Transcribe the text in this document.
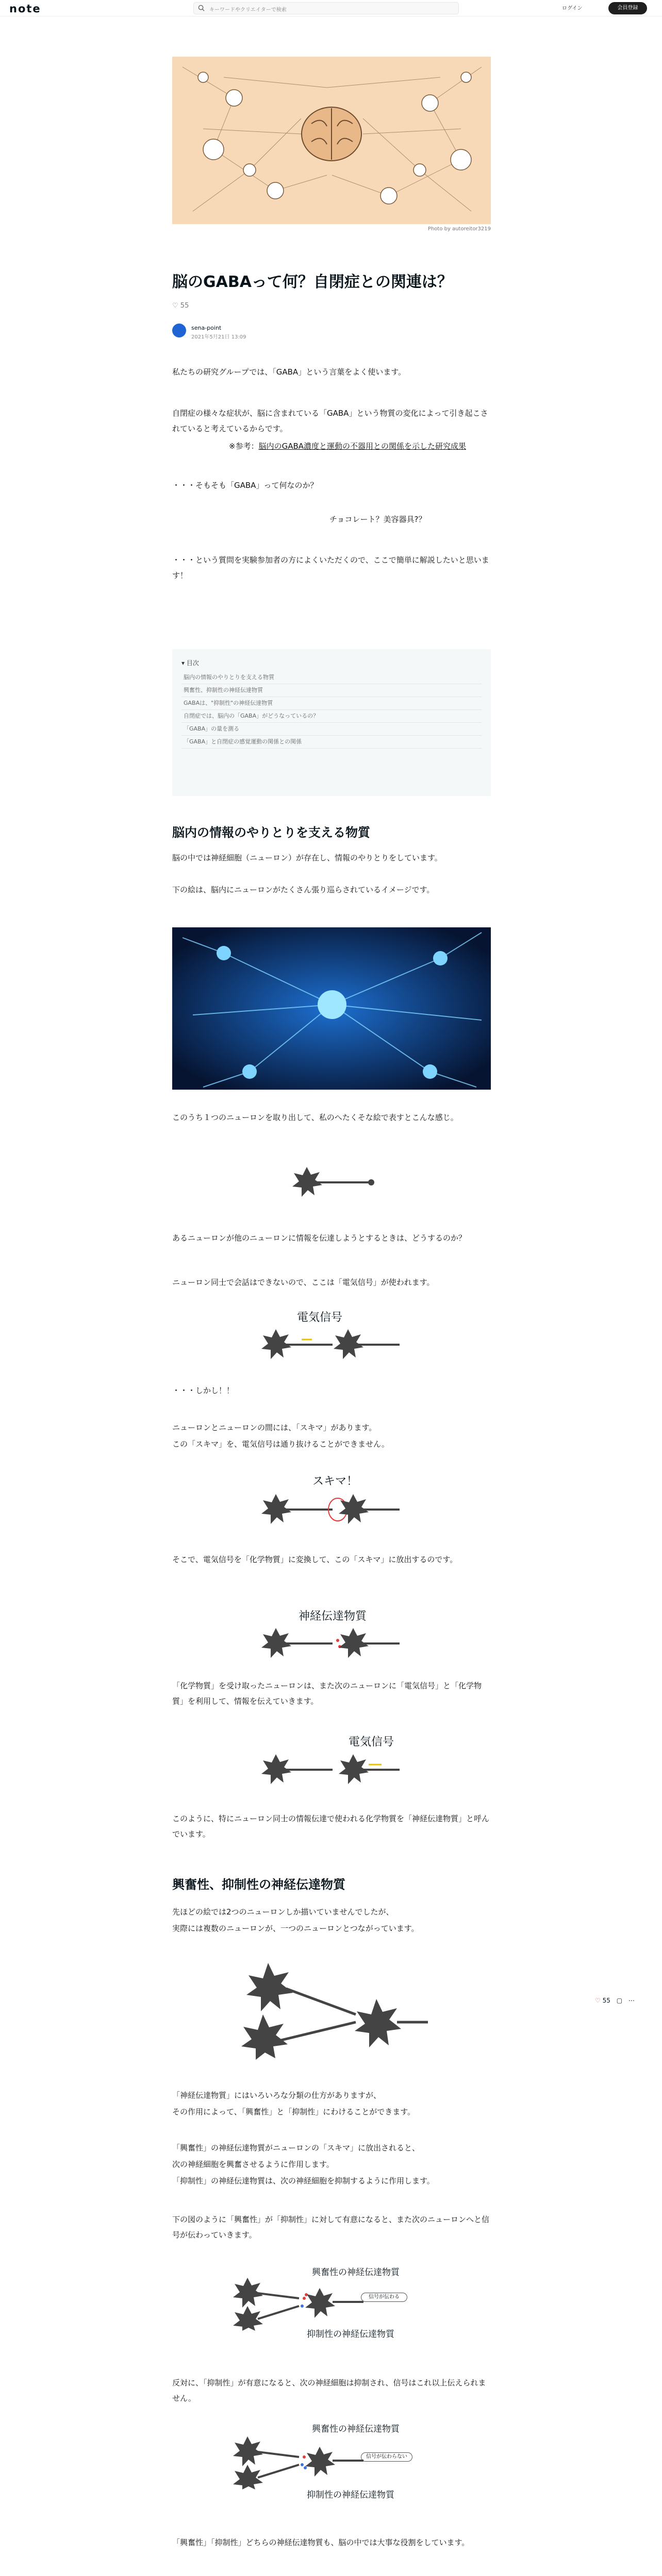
note	キーワードやクリエイターで検索	ログイン	会員登録
Photo by autoreitor3219
脳のGABAって何？自閉症との関連は？
♡ 55
sena-point
2021年5月21日 13:09
私たちの研究グループでは、「GABA」という言葉をよく使います。
自閉症の様々な症状が、脳に含まれている「GABA」という物質の変化によって引き起こされていると考えているからです。
※参考：脳内のGABA濃度と運動の不器用との関係を示した研究成果
・・・そもそも「GABA」って何なのか？
チョコレート？美容器具?？
・・・という質問を実験参加者の方によくいただくので、ここで簡単に解説したいと思います！
▾ 目次
脳内の情報のやりとりを支える物質
興奮性、抑制性の神経伝達物質
GABAは、"抑制性"の神経伝達物質
自閉症では、脳内の「GABA」がどうなっているの？
「GABA」の量を測る
「GABA」と自閉症の感覚運動の関係との関係
脳内の情報のやりとりを支える物質
脳の中では神経細胞（ニューロン）が存在し、情報のやりとりをしています。
下の絵は、脳内にニューロンがたくさん張り巡らされているイメージです。
このうち１つのニューロンを取り出して、私のへたくそな絵で表すとこんな感じ。
あるニューロンが他のニューロンに情報を伝達しようとするときは、どうするのか？
ニューロン同士で会話はできないので、ここは「電気信号」が使われます。
電気信号
・・・しかし！！
ニューロンとニューロンの間には、「スキマ」があります。
この「スキマ」を、電気信号は通り抜けることができません。
スキマ！
そこで、電気信号を「化学物質」に変換して、この「スキマ」に放出するのです。
神経伝達物質
「化学物質」を受け取ったニューロンは、また次のニューロンに「電気信号」と「化学物質」を利用して、情報を伝えていきます。
電気信号
このように、特にニューロン同士の情報伝達で使われる化学物質を「神経伝達物質」と呼んでいます。
興奮性、抑制性の神経伝達物質
先ほどの絵では2つのニューロンしか描いていませんでしたが、
実際には複数のニューロンが、一つのニューロンとつながっています。
「神経伝達物質」にはいろいろな分類の仕方がありますが、
その作用によって、「興奮性」と「抑制性」にわけることができます。
「興奮性」の神経伝達物質がニューロンの「スキマ」に放出されると、
次の神経細胞を興奮させるように作用します。
「抑制性」の神経伝達物質は、次の神経細胞を抑制するように作用します。
下の図のように「興奮性」が「抑制性」に対して有意になると、また次のニューロンへと信号が伝わっていきます。
興奮性の神経伝達物質
抑制性の神経伝達物質
信号が伝わる
反対に、「抑制性」が有意になると、次の神経細胞は抑制され、信号はこれ以上伝えられません。
興奮性の神経伝達物質
抑制性の神経伝達物質
信号が伝わらない
「興奮性」「抑制性」どちらの神経伝達物質も、脳の中では大事な役割をしています。
♡ 55 ▢ ⋯
